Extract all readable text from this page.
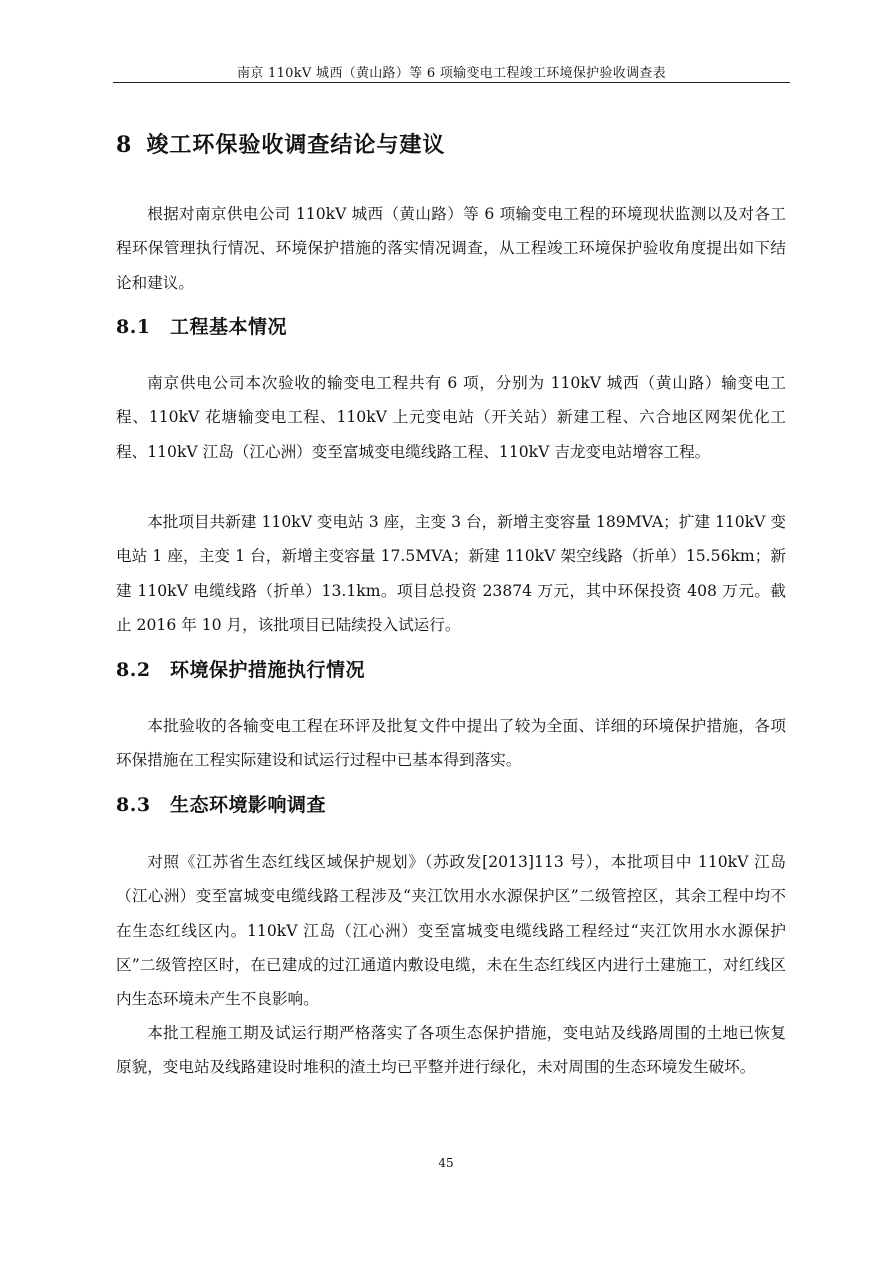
南京 110kV 城西（黄山路）等 6 项输变电工程竣工环境保护验收调查表
8 竣工环保验收调查结论与建议

根据对南京供电公司 110kV 城西（黄山路）等 6 项输变电工程的环境现状监测以及对各工程环保管理执行情况、环境保护措施的落实情况调查，从工程竣工环境保护验收角度提出如下结论和建议。

8.1 工程基本情况

南京供电公司本次验收的输变电工程共有 6 项，分别为 110kV 城西（黄山路）输变电工程、110kV 花塘输变电工程、110kV 上元变电站（开关站）新建工程、六合地区网架优化工程、110kV 江岛（江心洲）变至富城变电缆线路工程、110kV 吉龙变电站增容工程。

本批项目共新建 110kV 变电站 3 座，主变 3 台，新增主变容量 189MVA；扩建 110kV 变电站 1 座，主变 1 台，新增主变容量 17.5MVA；新建 110kV 架空线路（折单）15.56km；新建 110kV 电缆线路（折单）13.1km。项目总投资 23874 万元，其中环保投资 408 万元。截止 2016 年 10 月，该批项目已陆续投入试运行。

8.2 环境保护措施执行情况

本批验收的各输变电工程在环评及批复文件中提出了较为全面、详细的环境保护措施，各项环保措施在工程实际建设和试运行过程中已基本得到落实。

8.3 生态环境影响调查

对照《江苏省生态红线区域保护规划》（苏政发[2013]113 号），本批项目中 110kV 江岛（江心洲）变至富城变电缆线路工程涉及“夹江饮用水水源保护区”二级管控区，其余工程中均不在生态红线区内。110kV 江岛（江心洲）变至富城变电缆线路工程经过“夹江饮用水水源保护区”二级管控区时，在已建成的过江通道内敷设电缆，未在生态红线区内进行土建施工，对红线区内生态环境未产生不良影响。

本批工程施工期及试运行期严格落实了各项生态保护措施，变电站及线路周围的土地已恢复原貌，变电站及线路建设时堆积的渣土均已平整并进行绿化，未对周围的生态环境发生破坏。

45
